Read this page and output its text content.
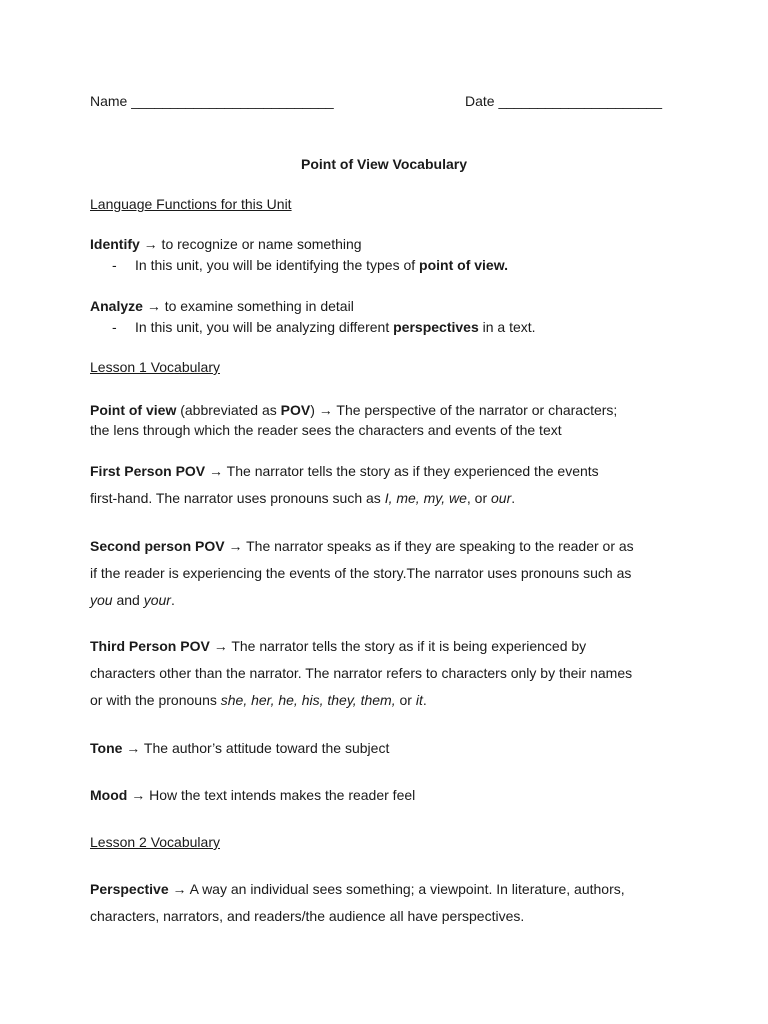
Name __________________________	Date _____________________
Point of View Vocabulary
Language Functions for this Unit
Identify → to recognize or name something
- In this unit, you will be identifying the types of point of view.
Analyze → to examine something in detail
- In this unit, you will be analyzing different perspectives in a text.
Lesson 1 Vocabulary
Point of view (abbreviated as POV) → The perspective of the narrator or characters;
the lens through which the reader sees the characters and events of the text
First Person POV → The narrator tells the story as if they experienced the events
first-hand. The narrator uses pronouns such as I, me, my, we, or our.
Second person POV → The narrator speaks as if they are speaking to the reader or as
if the reader is experiencing the events of the story.The narrator uses pronouns such as
you and your.
Third Person POV → The narrator tells the story as if it is being experienced by
characters other than the narrator. The narrator refers to characters only by their names
or with the pronouns she, her, he, his, they, them, or it.
Tone → The author’s attitude toward the subject
Mood → How the text intends makes the reader feel
Lesson 2 Vocabulary
Perspective → A way an individual sees something; a viewpoint. In literature, authors,
characters, narrators, and readers/the audience all have perspectives.
